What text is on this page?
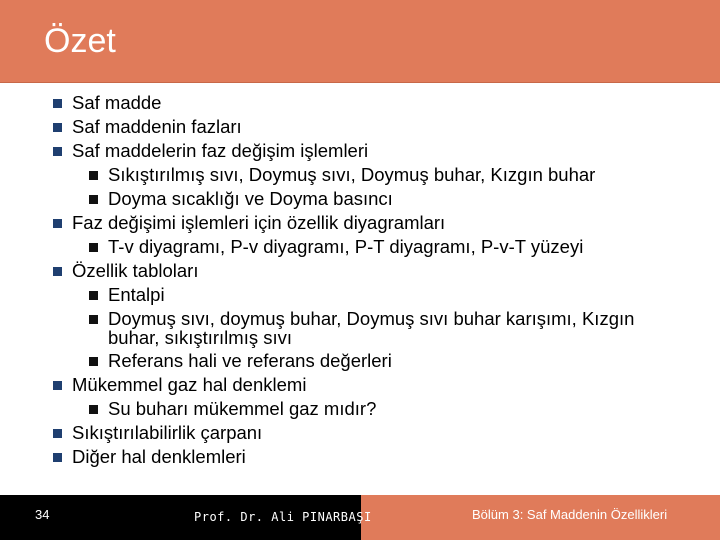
Özet
Saf madde
Saf maddenin fazları
Saf maddelerin faz değişim işlemleri
Sıkıştırılmış sıvı, Doymuş sıvı, Doymuş buhar, Kızgın buhar
Doyma sıcaklığı ve Doyma basıncı
Faz değişimi işlemleri için özellik diyagramları
T-v diyagramı, P-v diyagramı, P-T diyagramı, P-v-T yüzeyi
Özellik tabloları
Entalpi
Doymuş sıvı, doymuş buhar, Doymuş sıvı buhar karışımı, Kızgın
buhar, sıkıştırılmış sıvı
Referans hali ve referans değerleri
Mükemmel gaz hal denklemi
Su buharı mükemmel gaz mıdır?
Sıkıştırılabilirlik çarpanı
Diğer hal denklemleri
34	Prof. Dr. Ali PINARBAŞI	Bölüm 3: Saf Maddenin Özellikleri
